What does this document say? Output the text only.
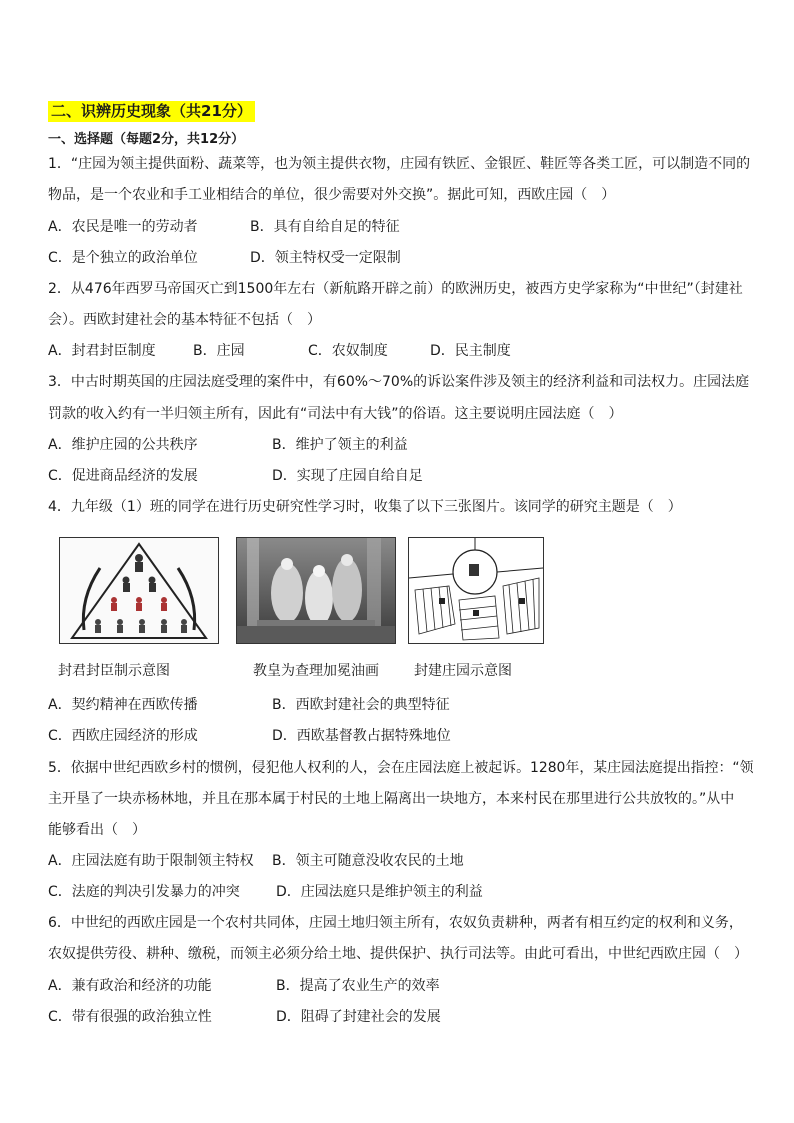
二、识辨历史现象（共21分）
一、选择题（每题2分，共12分）
1．“庄园为领主提供面粉、蔬菜等，也为领主提供衣物，庄园有铁匠、金银匠、鞋匠等各类工匠，可以制造不同的
物品，是一个农业和手工业相结合的单位，很少需要对外交换”。据此可知，西欧庄园（　）
A．农民是唯一的劳动者	B．具有自给自足的特征
C．是个独立的政治单位	D．领主特权受一定限制
2．从476年西罗马帝国灭亡到1500年左右（新航路开辟之前）的欧洲历史，被西方史学家称为“中世纪”（封建社
会）。西欧封建社会的基本特征不包括（　）
A．封君封臣制度	B．庄园	C．农奴制度	D．民主制度
3．中古时期英国的庄园法庭受理的案件中，有60%～70%的诉讼案件涉及领主的经济利益和司法权力。庄园法庭
罚款的收入约有一半归领主所有，因此有“司法中有大钱”的俗语。这主要说明庄园法庭（　）
A．维护庄园的公共秩序	B．维护了领主的利益
C．促进商品经济的发展	D．实现了庄园自给自足
4．九年级（1）班的同学在进行历史研究性学习时，收集了以下三张图片。该同学的研究主题是（　）
封君封臣制示意图	教皇为查理加冕油画	封建庄园示意图
A．契约精神在西欧传播	B．西欧封建社会的典型特征
C．西欧庄园经济的形成	D．西欧基督教占据特殊地位
5．依据中世纪西欧乡村的惯例，侵犯他人权利的人，会在庄园法庭上被起诉。1280年，某庄园法庭提出指控：“领
主开垦了一块赤杨林地，并且在那本属于村民的土地上隔离出一块地方，本来村民在那里进行公共放牧的。”从中
能够看出（　）
A．庄园法庭有助于限制领主特权 B．领主可随意没收农民的土地
C．法庭的判决引发暴力的冲突	D．庄园法庭只是维护领主的利益
6．中世纪的西欧庄园是一个农村共同体，庄园土地归领主所有，农奴负责耕种，两者有相互约定的权利和义务，
农奴提供劳役、耕种、缴税，而领主必须分给土地、提供保护、执行司法等。由此可看出，中世纪西欧庄园（　）
A．兼有政治和经济的功能	B．提高了农业生产的效率
C．带有很强的政治独立性	D．阻碍了封建社会的发展
